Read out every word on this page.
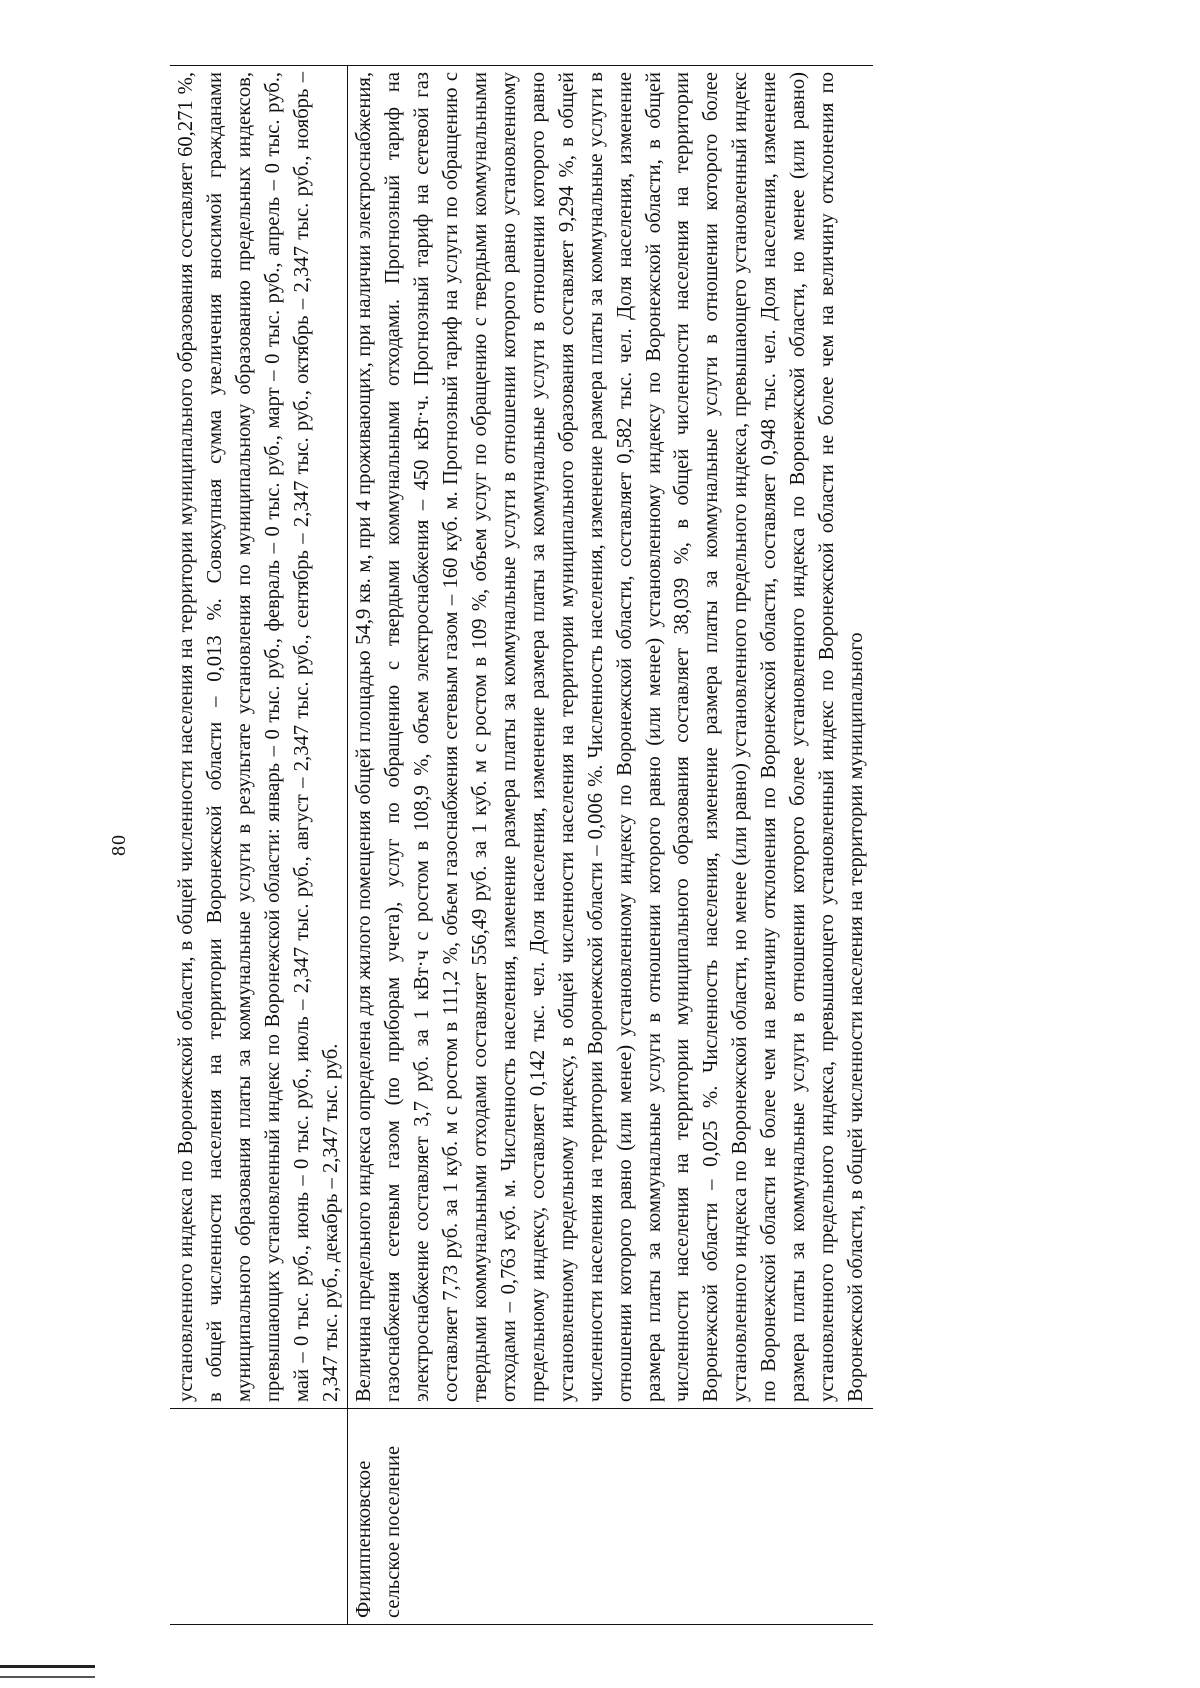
80
	установленного индекса по Воронежской области, в общей численности населения на территории муниципального образования составляет 60,271 %, в общей численности населения на территории Воронежской области – 0,013 %. Совокупная сумма увеличения вносимой гражданами муниципального образования платы за коммунальные услуги в результате установления по муниципальному образованию предельных индексов, превышающих установленный индекс по Воронежской области: январь – 0 тыс. руб., февраль – 0 тыс. руб., март – 0 тыс. руб., апрель – 0 тыс. руб., май – 0 тыс. руб., июнь – 0 тыс. руб., июль – 2,347 тыс. руб., август – 2,347 тыс. руб., сентябрь – 2,347 тыс. руб., октябрь – 2,347 тыс. руб., ноябрь – 2,347 тыс. руб., декабрь – 2,347 тыс. руб.
Филиппенковское сельское поселение	Величина предельного индекса определена для жилого помещения общей площадью 54,9 кв. м, при 4 проживающих, при наличии электроснабжения, газоснабжения сетевым газом (по приборам учета), услуг по обращению с твердыми коммунальными отходами. Прогнозный тариф на электроснабжение составляет 3,7 руб. за 1 кВт·ч с ростом в 108,9 %, объем электроснабжения – 450 кВт·ч. Прогнозный тариф на сетевой газ составляет 7,73 руб. за 1 куб. м с ростом в 111,2 %, объем газоснабжения сетевым газом – 160 куб. м. Прогнозный тариф на услуги по обращению с твердыми коммунальными отходами составляет 556,49 руб. за 1 куб. м с ростом в 109 %, объем услуг по обращению с твердыми коммунальными отходами – 0,763 куб. м. Численность населения, изменение размера платы за коммунальные услуги в отношении которого равно установленному предельному индексу, составляет 0,142 тыс. чел. Доля населения, изменение размера платы за коммунальные услуги в отношении которого равно установленному предельному индексу, в общей численности населения на территории муниципального образования составляет 9,294 %, в общей численности населения на территории Воронежской области – 0,006 %. Численность населения, изменение размера платы за коммунальные услуги в отношении которого равно (или менее) установленному индексу по Воронежской области, составляет 0,582 тыс. чел. Доля населения, изменение размера платы за коммунальные услуги в отношении которого равно (или менее) установленному индексу по Воронежской области, в общей численности населения на территории муниципального образования составляет 38,039 %, в общей численности населения на территории Воронежской области – 0,025 %. Численность населения, изменение размера платы за коммунальные услуги в отношении которого более установленного индекса по Воронежской области, но менее (или равно) установленного предельного индекса, превышающего установленный индекс по Воронежской области не более чем на величину отклонения по Воронежской области, составляет 0,948 тыс. чел. Доля населения, изменение размера платы за коммунальные услуги в отношении которого более установленного индекса по Воронежской области, но менее (или равно) установленного предельного индекса, превышающего установленный индекс по Воронежской области не более чем на величину отклонения по Воронежской области, в общей численности населения на территории муниципального
